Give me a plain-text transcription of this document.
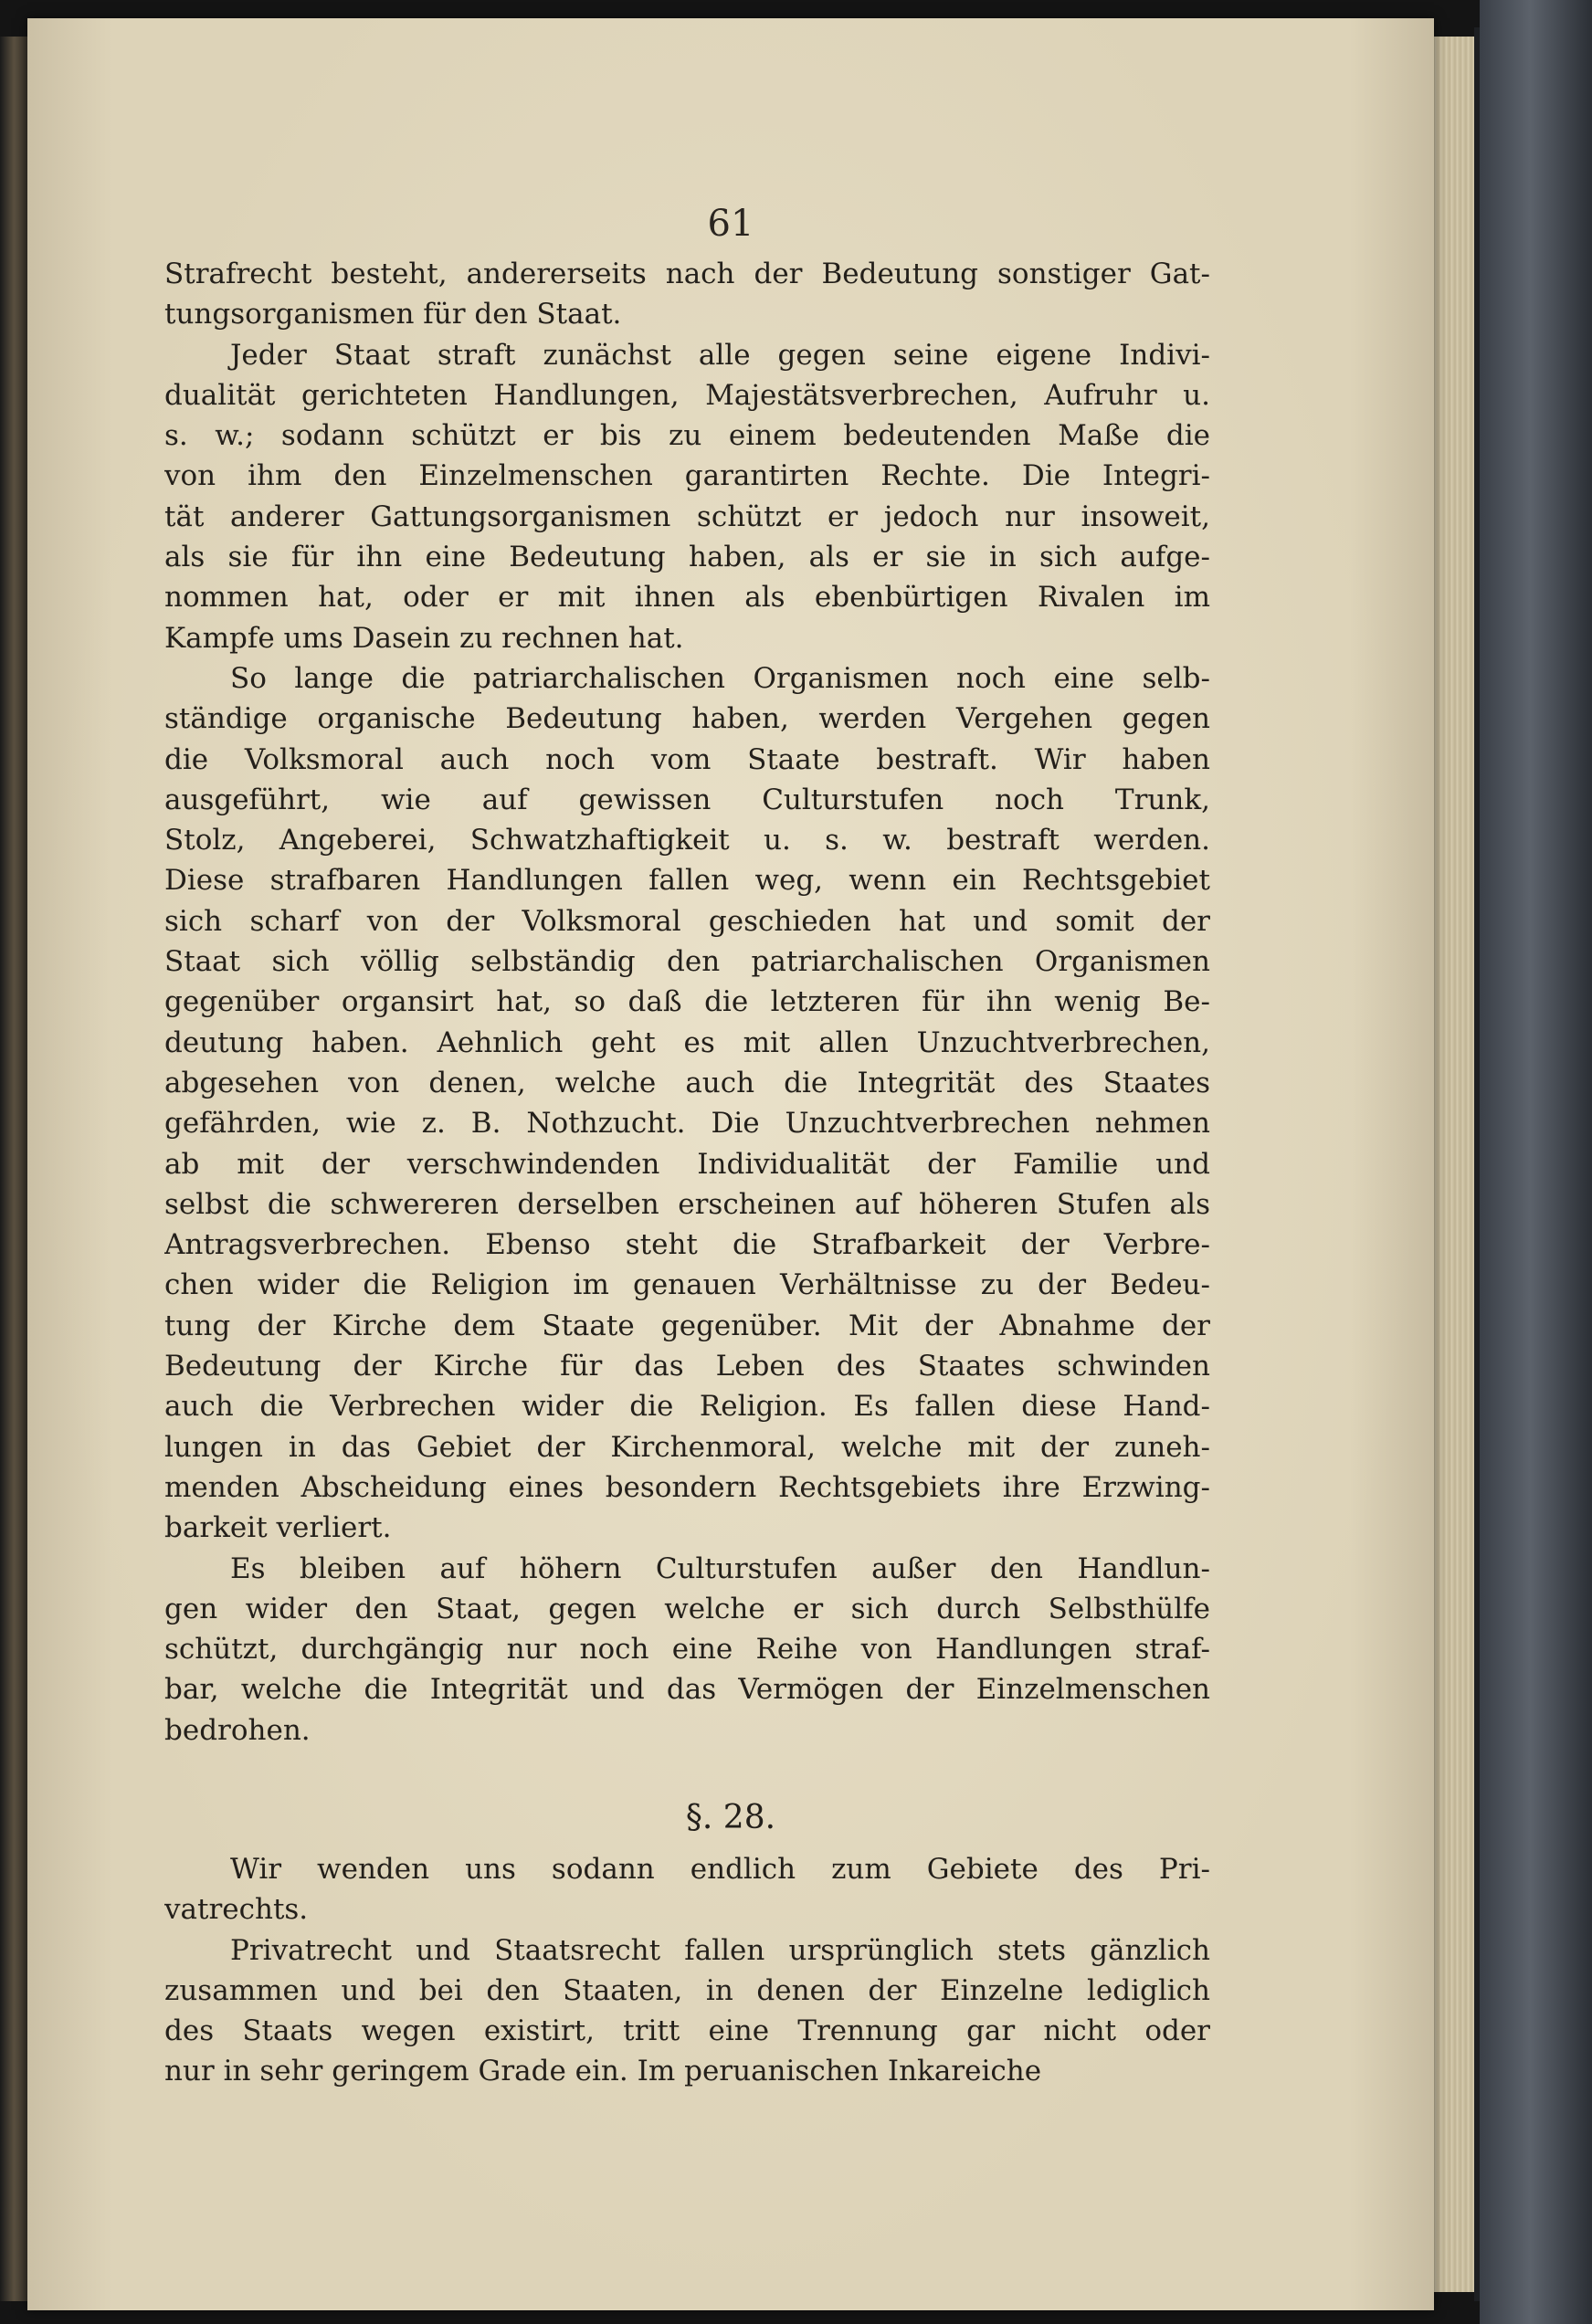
61
Strafrecht besteht, andererseits nach der Bedeutung sonstiger Gat-
tungsorganismen für den Staat.
Jeder Staat straft zunächst alle gegen seine eigene Indivi-
dualität gerichteten Handlungen, Majestätsverbrechen, Aufruhr u.
s. w.; sodann schützt er bis zu einem bedeutenden Maße die
von ihm den Einzelmenschen garantirten Rechte. Die Integri-
tät anderer Gattungsorganismen schützt er jedoch nur insoweit,
als sie für ihn eine Bedeutung haben, als er sie in sich aufge-
nommen hat, oder er mit ihnen als ebenbürtigen Rivalen im
Kampfe ums Dasein zu rechnen hat.
So lange die patriarchalischen Organismen noch eine selb-
ständige organische Bedeutung haben, werden Vergehen gegen
die Volksmoral auch noch vom Staate bestraft. Wir haben
ausgeführt, wie auf gewissen Culturstufen noch Trunk,
Stolz, Angeberei, Schwatzhaftigkeit u. s. w. bestraft werden.
Diese strafbaren Handlungen fallen weg, wenn ein Rechtsgebiet
sich scharf von der Volksmoral geschieden hat und somit der
Staat sich völlig selbständig den patriarchalischen Organismen
gegenüber organsirt hat, so daß die letzteren für ihn wenig Be-
deutung haben. Aehnlich geht es mit allen Unzuchtverbrechen,
abgesehen von denen, welche auch die Integrität des Staates
gefährden, wie z. B. Nothzucht. Die Unzuchtverbrechen nehmen
ab mit der verschwindenden Individualität der Familie und
selbst die schwereren derselben erscheinen auf höheren Stufen als
Antragsverbrechen. Ebenso steht die Strafbarkeit der Verbre-
chen wider die Religion im genauen Verhältnisse zu der Bedeu-
tung der Kirche dem Staate gegenüber. Mit der Abnahme der
Bedeutung der Kirche für das Leben des Staates schwinden
auch die Verbrechen wider die Religion. Es fallen diese Hand-
lungen in das Gebiet der Kirchenmoral, welche mit der zuneh-
menden Abscheidung eines besondern Rechtsgebiets ihre Erzwing-
barkeit verliert.
Es bleiben auf höhern Culturstufen außer den Handlun-
gen wider den Staat, gegen welche er sich durch Selbsthülfe
schützt, durchgängig nur noch eine Reihe von Handlungen straf-
bar, welche die Integrität und das Vermögen der Einzelmenschen
bedrohen.
§. 28.
Wir wenden uns sodann endlich zum Gebiete des Pri-
vatrechts.
Privatrecht und Staatsrecht fallen ursprünglich stets gänzlich
zusammen und bei den Staaten, in denen der Einzelne lediglich
des Staats wegen existirt, tritt eine Trennung gar nicht oder
nur in sehr geringem Grade ein. Im peruanischen Inkareiche
